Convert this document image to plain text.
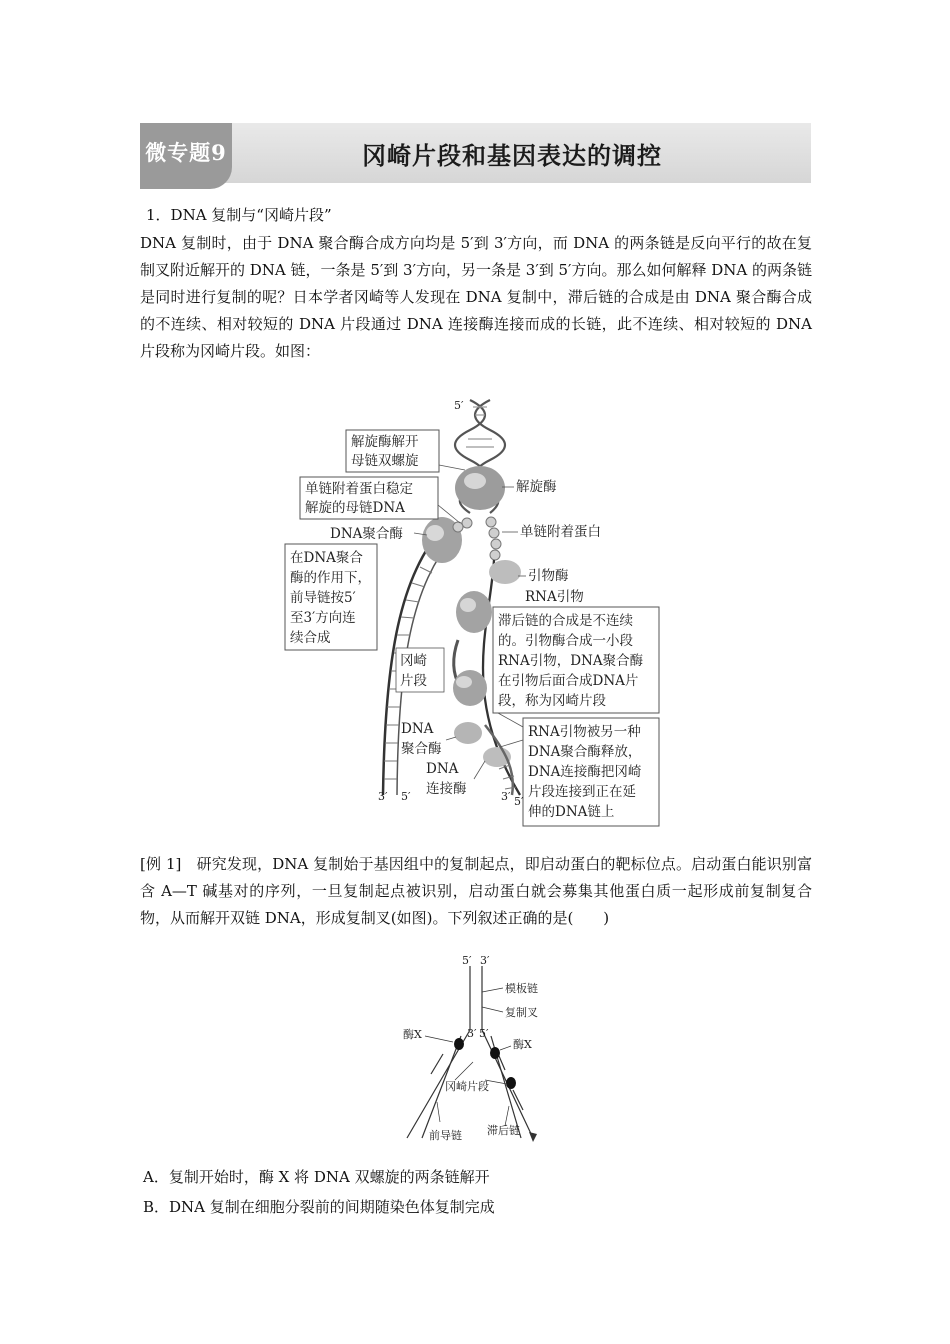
微专题9	冈崎片段和基因表达的调控
1．DNA 复制与“冈崎片段”
DNA 复制时，由于 DNA 聚合酶合成方向均是 5′到 3′方向，而 DNA 的两条链是反向平行的故在复制叉附近解开的 DNA 链，一条是 5′到 3′方向，另一条是 3′到 5′方向。那么如何解释 DNA 的两条链是同时进行复制的呢？日本学者冈崎等人发现在 DNA 复制中，滞后链的合成是由 DNA 聚合酶合成的不连续、相对较短的 DNA 片段通过 DNA 连接酶连接而成的长链，此不连续、相对较短的 DNA 片段称为冈崎片段。如图：
5′
解旋酶解开
母链双螺旋
单链附着蛋白稳定
解旋的母链DNA
DNA聚合酶
在DNA聚合
酶的作用下，
前导链按5′
至3′方向连
续合成
解旋酶
单链附着蛋白
引物酶
RNA引物
滞后链的合成是不连续
的。引物酶合成一小段
RNA引物，DNA聚合酶
在引物后面合成DNA片
段，称为冈崎片段
冈崎
片段
DNA
聚合酶
DNA
连接酶
RNA引物被另一种
DNA聚合酶释放，
DNA连接酶把冈崎
片段连接到正在延
伸的DNA链上
3′ 5′	3′ 5′
[例 1]　研究发现，DNA 复制始于基因组中的复制起点，即启动蛋白的靶标位点。启动蛋白能识别富含 A—T 碱基对的序列，一旦复制起点被识别，启动蛋白就会募集其他蛋白质一起形成前复制复合物，从而解开双链 DNA，形成复制叉(如图)。下列叙述正确的是(　　)
5′ 3′
模板链
复制叉
酶X	3′ 5′
酶X
冈崎片段
前导链 滞后链
A．复制开始时，酶 X 将 DNA 双螺旋的两条链解开
B．DNA 复制在细胞分裂前的间期随染色体复制完成
